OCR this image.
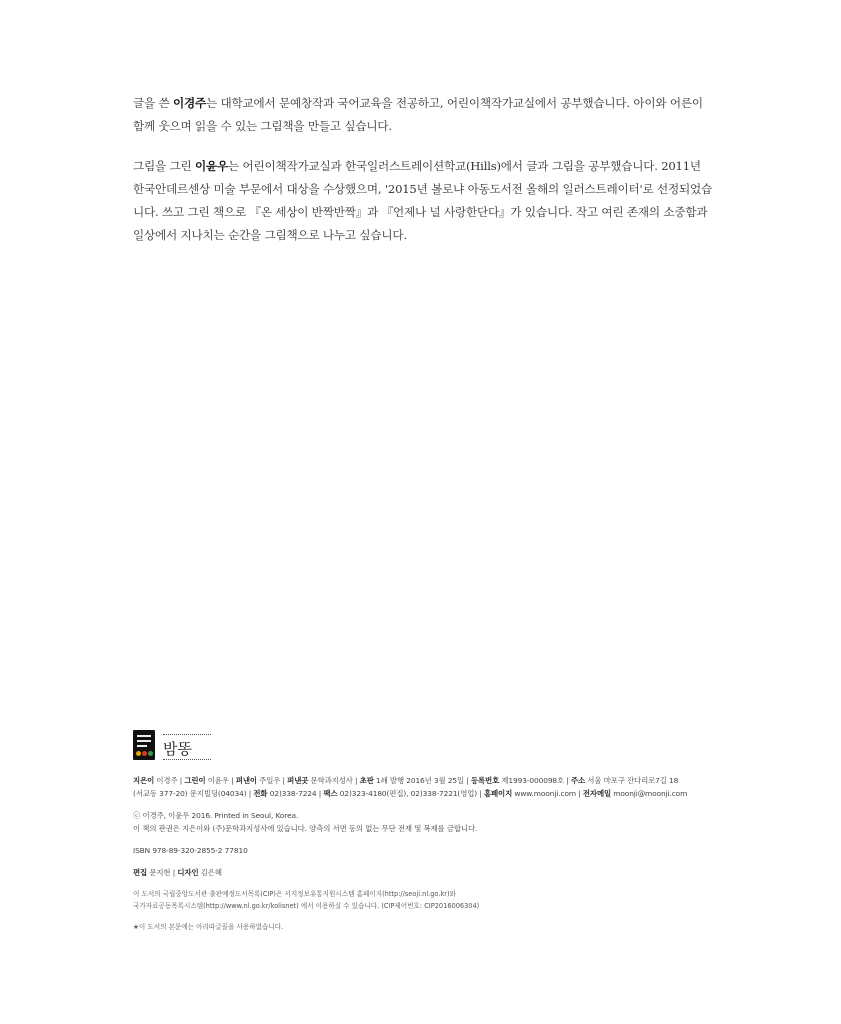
글을 쓴 이경주는 대학교에서 문예창작과 국어교육을 전공하고, 어린이책작가교실에서 공부했습니다. 아이와 어른이 함께 웃으며 읽을 수 있는 그림책을 만들고 싶습니다.
그림을 그린 이윤우는 어린이책작가교실과 한국일러스트레이션학교(Hills)에서 글과 그림을 공부했습니다. 2011년 한국안데르센상 미술 부문에서 대상을 수상했으며, '2015년 볼로냐 아동도서전 올해의 일러스트레이터'로 선정되었습니다. 쓰고 그린 책으로 『온 세상이 반짝반짝』과 『언제나 널 사랑한단다』가 있습니다. 작고 여린 존재의 소중함과 일상에서 지나치는 순간을 그림책으로 나누고 싶습니다.
밤똥
지은이 이경주 | 그린이 이윤우 | 펴낸이 주일우 | 펴낸곳 문학과지성사 | 초판 1쇄 발행 2016년 3월 25일 | 등록번호 제1993-000098호 | 주소 서울 마포구 잔다리로7길 18
(서교동 377-20) 문지빌딩(04034) | 전화 02)338-7224 | 팩스 02)323-4180(편집), 02)338-7221(영업) | 홈페이지 www.moonji.com | 전자메일 moonji@moonji.com
ⓒ 이경주, 이윤우 2016. Printed in Seoul, Korea.
이 책의 판권은 지은이와 (주)문학과지성사에 있습니다. 양측의 서면 동의 없는 무단 전재 및 복제를 금합니다.
ISBN 978-89-320-2855-2 77810
편집 문지현 | 디자인 김은혜
이 도서의 국립중앙도서관 출판예정도서목록(CIP)은 서지정보유통지원시스템 홈페이지(http://seoji.nl.go.kr)와
국가자료공동목록시스템(http://www.nl.go.kr/kolisnet) 에서 이용하실 수 있습니다. (CIP제어번호: CIP2016006304)
★이 도서의 본문에는 아리따글꼴을 사용하였습니다.
